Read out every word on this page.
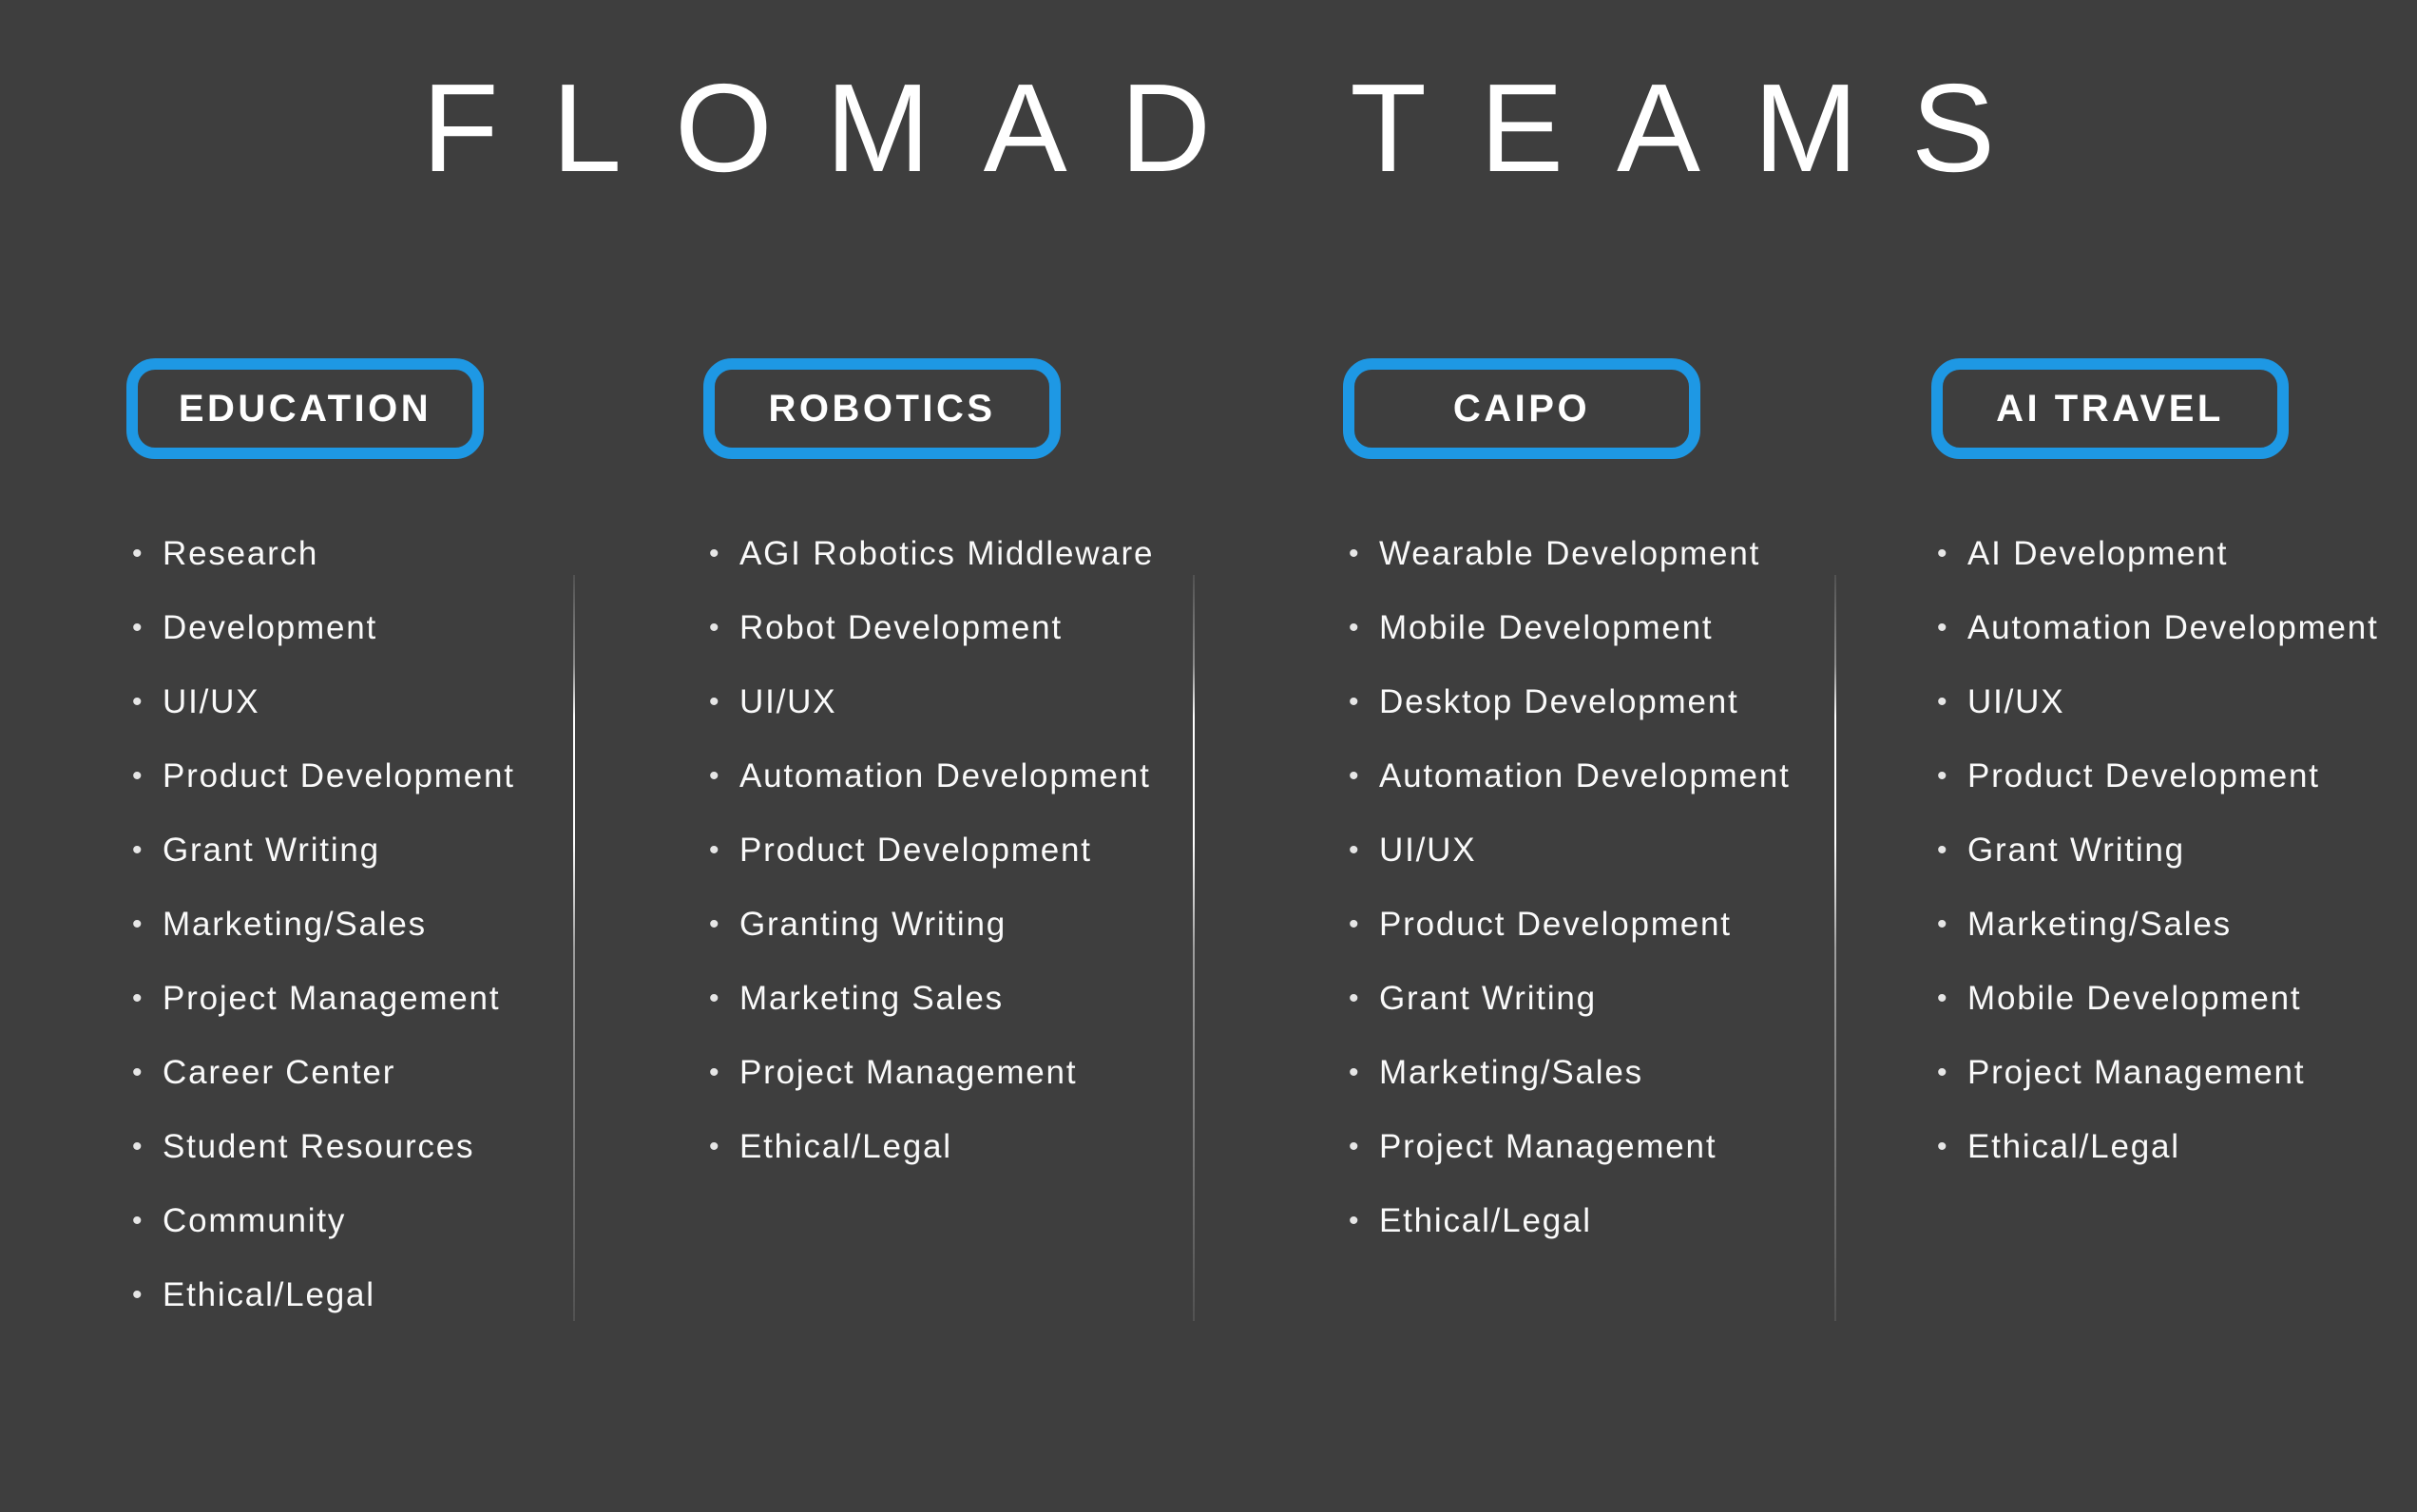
FLOMAD TEAMS
EDUCATION
• Research
• Development
• UI/UX
• Product Development
• Grant Writing
• Marketing/Sales
• Project Management
• Career Center
• Student Resources
• Community
• Ethical/Legal
ROBOTICS
• AGI Robotics Middleware
• Robot Development
• UI/UX
• Automation Development
• Product Development
• Granting Writing
• Marketing Sales
• Project Management
• Ethical/Legal
CAIPO
• Wearable Development
• Mobile Development
• Desktop Development
• Automation Development
• UI/UX
• Product Development
• Grant Writing
• Marketing/Sales
• Project Management
• Ethical/Legal
AI TRAVEL
• AI Development
• Automation Development
• UI/UX
• Product Development
• Grant Writing
• Marketing/Sales
• Mobile Development
• Project Management
• Ethical/Legal
